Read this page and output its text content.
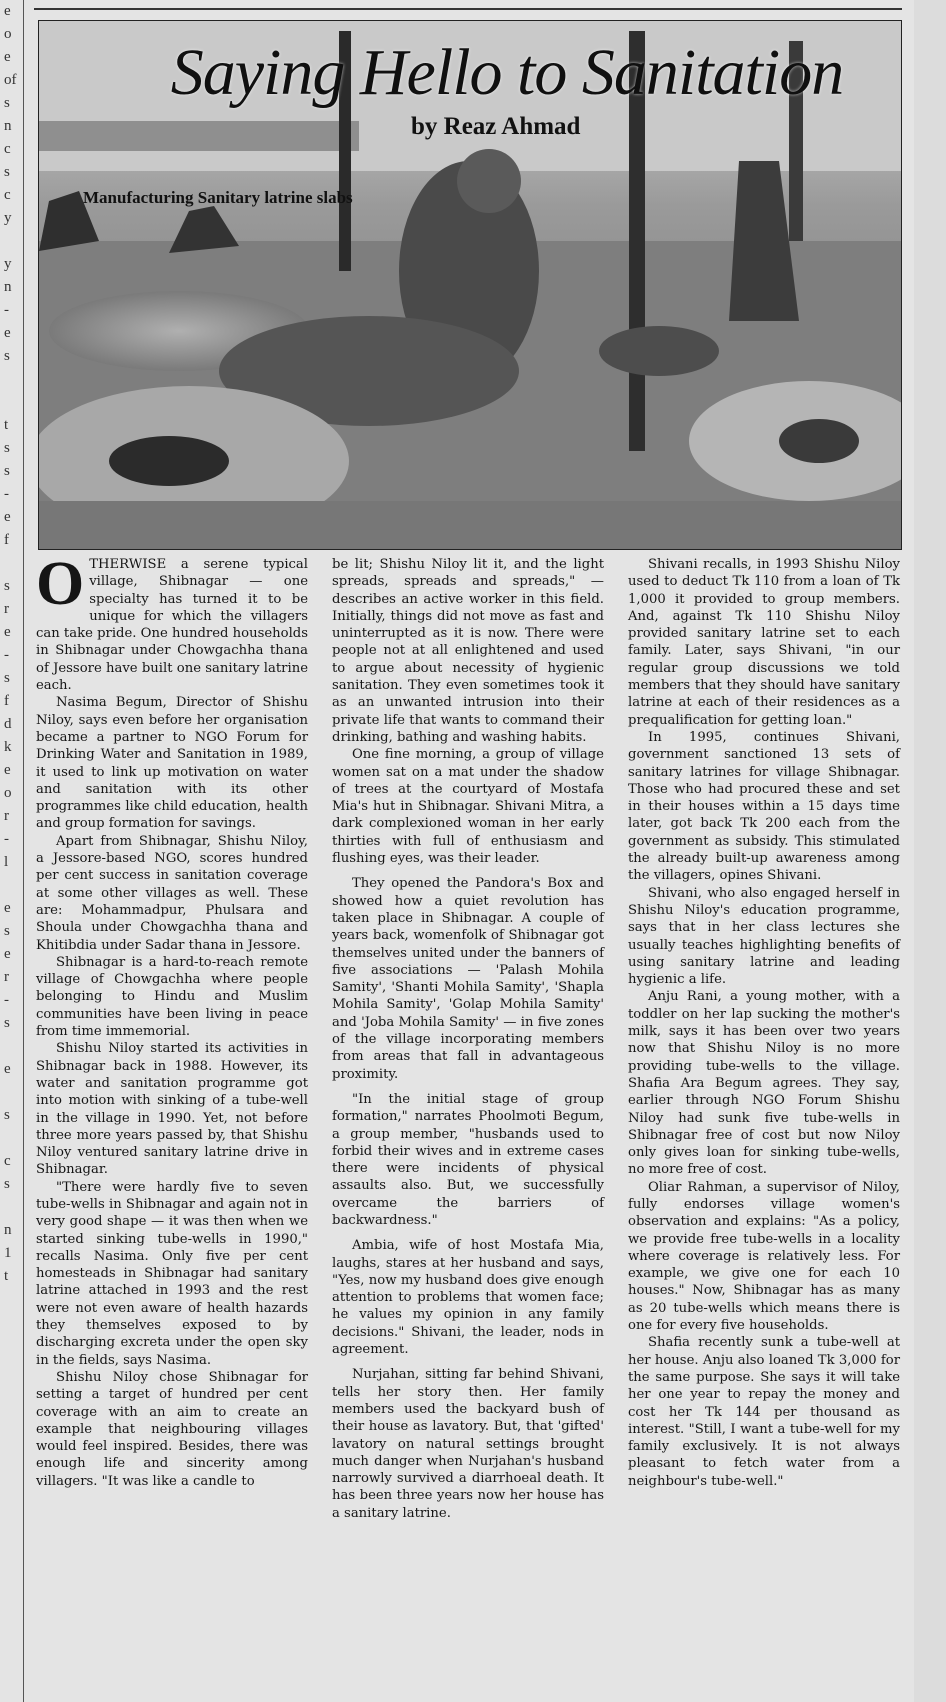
e
o
e
of
s
n
c
s
c
y

y
n
-
e
s

t
s
s
-
e
f

s
r
e
-
s
f
d
k
e
o
r
-
l

e
s
e
r
-
s

e

s

c
s

n
1
t
Saying Hello to Sanitation
by Reaz Ahmad
Manufacturing Sanitary latrine slabs

OTHERWISE a serene typical village, Shibnagar — one specialty has turned it to be unique for which the villagers can take pride. One hundred households in Shibnagar under Chowgachha thana of Jessore have built one sanitary latrine each.

Nasima Begum, Director of Shishu Niloy, says even before her organisation became a partner to NGO Forum for Drinking Water and Sanitation in 1989, it used to link up motivation on water and sanitation with its other programmes like child education, health and group formation for savings.

Apart from Shibnagar, Shishu Niloy, a Jessore-based NGO, scores hundred per cent success in sanitation coverage at some other villages as well. These are: Mohammadpur, Phulsara and Shoula under Chowgachha thana and Khitibdia under Sadar thana in Jessore.

Shibnagar is a hard-to-reach remote village of Chowgachha where people belonging to Hindu and Muslim communities have been living in peace from time immemorial.

Shishu Niloy started its activities in Shibnagar back in 1988. However, its water and sanitation programme got into motion with sinking of a tube-well in the village in 1990. Yet, not before three more years passed by, that Shishu Niloy ventured sanitary latrine drive in Shibnagar.

"There were hardly five to seven tube-wells in Shibnagar and again not in very good shape — it was then when we started sinking tube-wells in 1990," recalls Nasima. Only five per cent homesteads in Shibnagar had sanitary latrine attached in 1993 and the rest were not even aware of health hazards they themselves exposed to by discharging excreta under the open sky in the fields, says Nasima.

Shishu Niloy chose Shibnagar for setting a target of hundred per cent coverage with an aim to create an example that neighbouring villages would feel inspired. Besides, there was enough life and sincerity among villagers. "It was like a candle to

be lit; Shishu Niloy lit it, and the light spreads, spreads and spreads," — describes an active worker in this field. Initially, things did not move as fast and uninterrupted as it is now. There were people not at all enlightened and used to argue about necessity of hygienic sanitation. They even sometimes took it as an unwanted intrusion into their private life that wants to command their drinking, bathing and washing habits.

One fine morning, a group of village women sat on a mat under the shadow of trees at the courtyard of Mostafa Mia's hut in Shibnagar. Shivani Mitra, a dark complexioned woman in her early thirties with full of enthusiasm and flushing eyes, was their leader.

They opened the Pandora's Box and showed how a quiet revolution has taken place in Shibnagar. A couple of years back, womenfolk of Shibnagar got themselves united under the banners of five associations — 'Palash Mohila Samity', 'Shanti Mohila Samity', 'Shapla Mohila Samity', 'Golap Mohila Samity' and 'Joba Mohila Samity' — in five zones of the village incorporating members from areas that fall in advantageous proximity.

"In the initial stage of group formation," narrates Phoolmoti Begum, a group member, "husbands used to forbid their wives and in extreme cases there were incidents of physical assaults also. But, we successfully overcame the barriers of backwardness."

Ambia, wife of host Mostafa Mia, laughs, stares at her husband and says, "Yes, now my husband does give enough attention to problems that women face; he values my opinion in any family decisions." Shivani, the leader, nods in agreement.

Nurjahan, sitting far behind Shivani, tells her story then. Her family members used the backyard bush of their house as lavatory. But, that 'gifted' lavatory on natural settings brought much danger when Nurjahan's husband narrowly survived a diarrhoeal death. It has been three years now her house has a sanitary latrine.

Shivani recalls, in 1993 Shishu Niloy used to deduct Tk 110 from a loan of Tk 1,000 it provided to group members. And, against Tk 110 Shishu Niloy provided sanitary latrine set to each family. Later, says Shivani, "in our regular group discussions we told members that they should have sanitary latrine at each of their residences as a prequalification for getting loan."

In 1995, continues Shivani, government sanctioned 13 sets of sanitary latrines for village Shibnagar. Those who had procured these and set in their houses within a 15 days time later, got back Tk 200 each from the government as subsidy. This stimulated the already built-up awareness among the villagers, opines Shivani.

Shivani, who also engaged herself in Shishu Niloy's education programme, says that in her class lectures she usually teaches highlighting benefits of using sanitary latrine and leading hygienic a life.

Anju Rani, a young mother, with a toddler on her lap sucking the mother's milk, says it has been over two years now that Shishu Niloy is no more providing tube-wells to the village. Shafia Ara Begum agrees. They say, earlier through NGO Forum Shishu Niloy had sunk five tube-wells in Shibnagar free of cost but now Niloy only gives loan for sinking tube-wells, no more free of cost.

Oliar Rahman, a supervisor of Niloy, fully endorses village women's observation and explains: "As a policy, we provide free tube-wells in a locality where coverage is relatively less. For example, we give one for each 10 houses." Now, Shibnagar has as many as 20 tube-wells which means there is one for every five households.

Shafia recently sunk a tube-well at her house. Anju also loaned Tk 3,000 for the same purpose. She says it will take her one year to repay the money and cost her Tk 144 per thousand as interest. "Still, I want a tube-well for my family exclusively. It is not always pleasant to fetch water from a neighbour's tube-well."
